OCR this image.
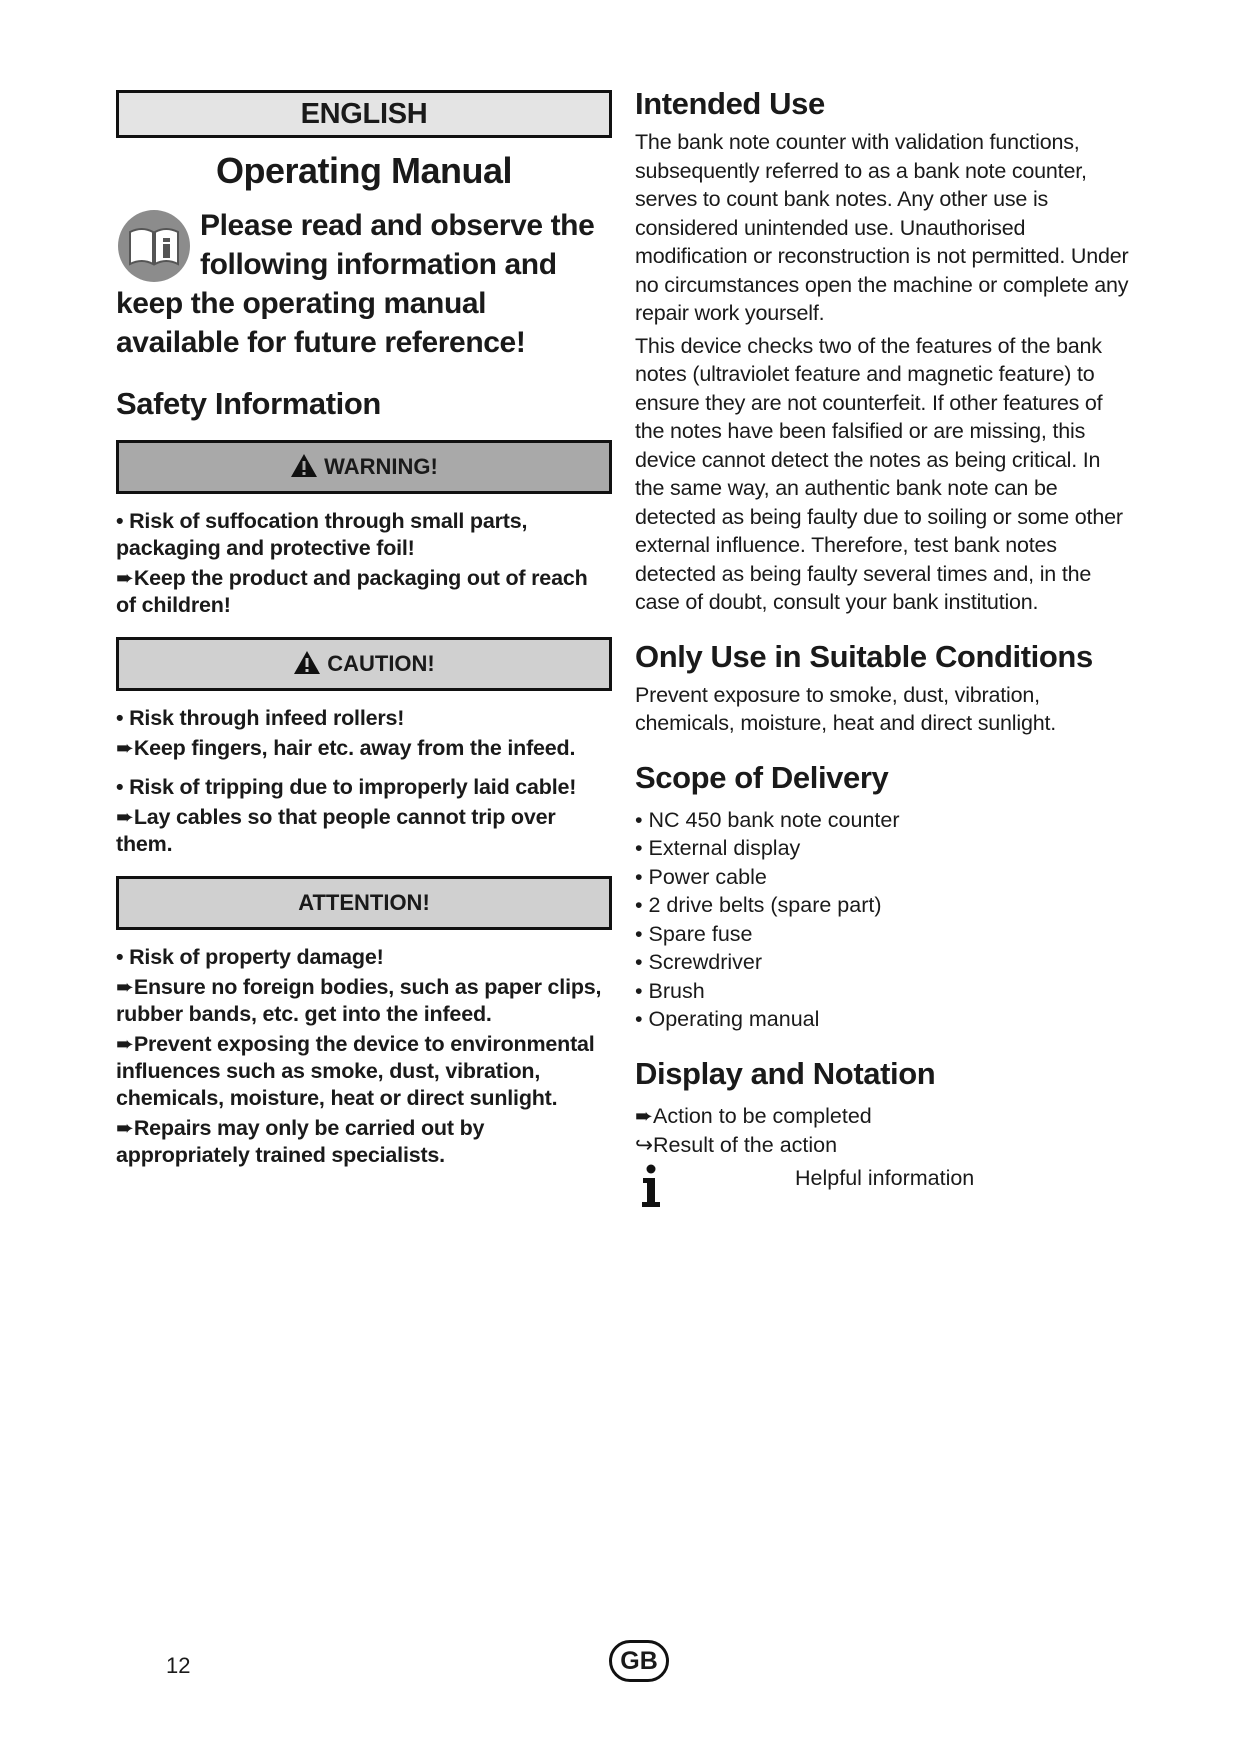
ENGLISH
Operating Manual
Please read and observe the following information and keep the operating manual available for future reference!
Safety Information
WARNING!

• Risk of suffocation through small parts, packaging and protective foil!

➨Keep the product and packaging out of reach of children!

CAUTION!

• Risk through infeed rollers!

➨Keep fingers, hair etc. away from the infeed.

• Risk of tripping due to improperly laid cable!

➨Lay cables so that people cannot trip over them.

ATTENTION!

• Risk of property damage!

➨Ensure no foreign bodies, such as paper clips, rubber bands, etc. get into the infeed.

➨Prevent exposing the device to environmental influences such as smoke, dust, vibration, chemicals, moisture, heat or direct sunlight.

➨Repairs may only be carried out by appropriately trained specialists.

Intended Use

The bank note counter with validation functions, subsequently referred to as a bank note counter, serves to count bank notes. Any other use is considered unintended use. Unauthorised modification or reconstruction is not permitted. Under no circumstances open the machine or complete any repair work yourself.

This device checks two of the features of the bank notes (ultraviolet feature and magnetic feature) to ensure they are not counterfeit. If other features of the notes have been falsified or are missing, this device cannot detect the notes as being critical. In the same way, an authentic bank note can be detected as being faulty due to soiling or some other external influence. Therefore, test bank notes detected as being faulty several times and, in the case of doubt, consult your bank institution.

Only Use in Suitable Conditions
Prevent exposure to smoke, dust, vibration, chemicals, moisture, heat and direct sunlight.
Scope of Delivery
• NC 450 bank note counter
• External display
• Power cable
• 2 drive belts (spare part)
• Spare fuse
• Screwdriver
• Brush
• Operating manual
Display and Notation
➨Action to be completed
↪Result of the action
Helpful information
12	GB
